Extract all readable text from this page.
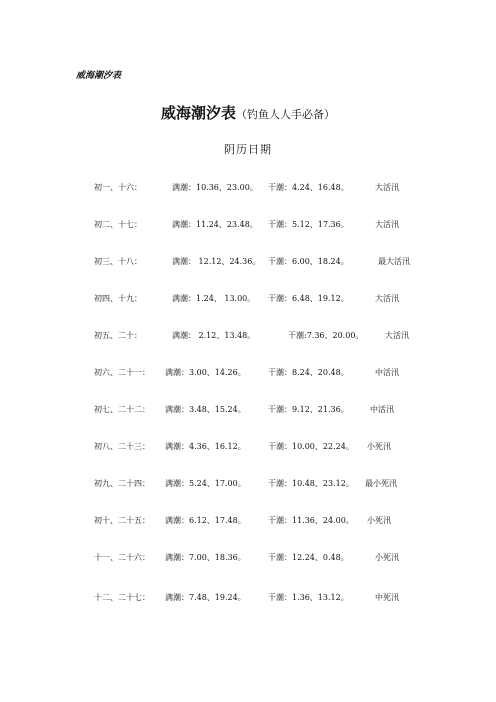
威海潮汐表
威海潮汐表（钓鱼人人手必备）
阴历日期
初一、十六：	满潮：10.36、23.00。 干潮：4.24、16.48。	大活汛
初二、十七：	满潮：11.24、23.48。 干潮：5.12、17.36。	大活汛
初三、十八：	满潮： 12.12、24.36。 干潮：6.00、18.24。	最大活汛
初四、十九：	满潮：1.24、 13.00。 干潮：6.48、19.12。	大活汛
初五、二十：	满潮： 2.12、13.48。	干潮:7.36、20.00。	大活汛
初六、二十一： 满潮：3.00、14.26。	干潮：8.24、20.48。	中活汛
初七、二十二： 满潮：3.48、15.24。	干潮：9.12、21.36。	中活汛
初八、二十三： 满潮：4.36、16.12。	干潮：10.00、22.24。 小死汛
初九、二十四： 满潮：5.24、17.00。	干潮：10.48、23.12。 最小死汛
初十、二十五： 满潮：6.12、17.48。	干潮：11.36、24.00。 小死汛
十一、二十六： 满潮：7.00、18.36。	干潮：12.24、0.48。	小死汛
十二、二十七： 满潮：7.48、19.24。	干潮：1.36、13.12。	中死汛
